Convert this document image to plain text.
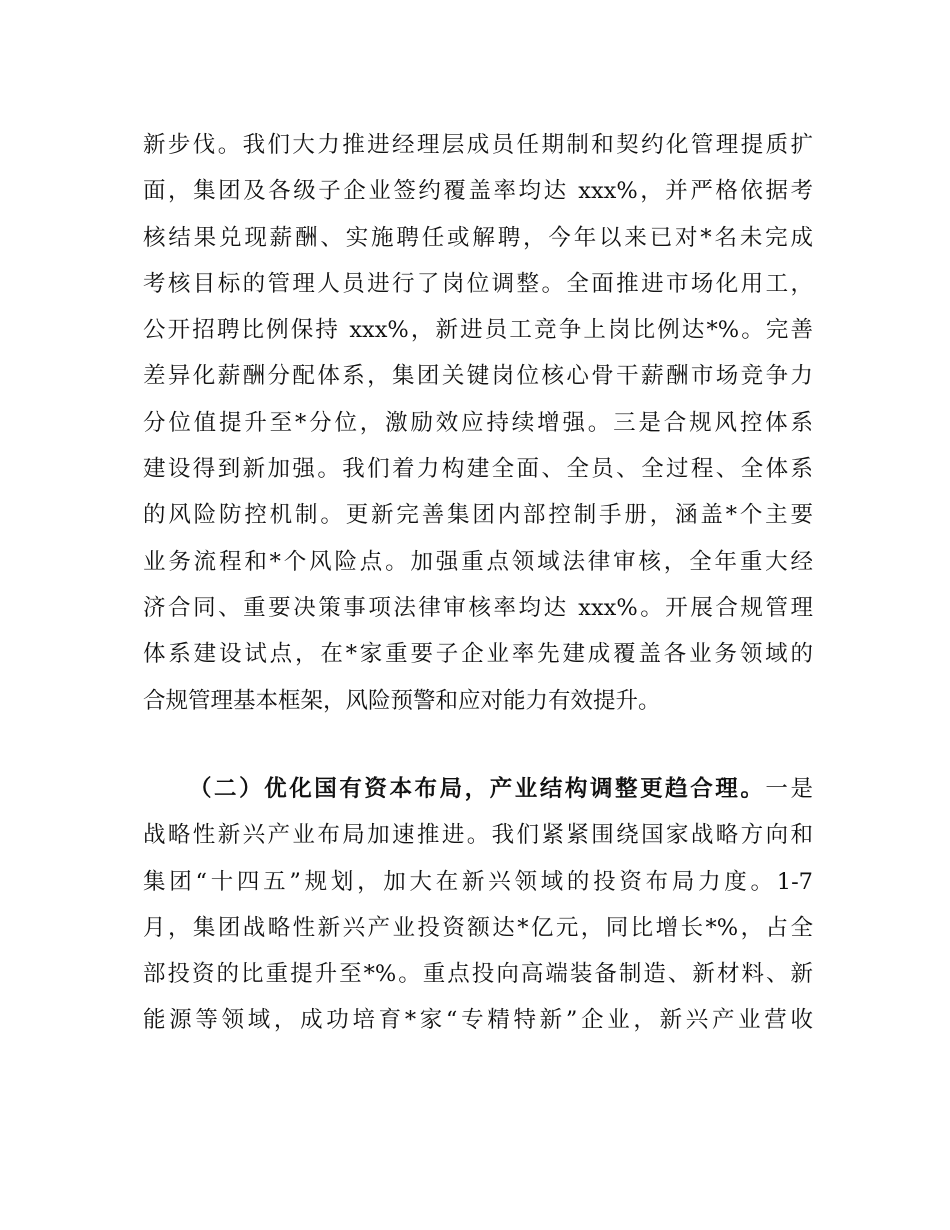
新步伐。我们大力推进经理层成员任期制和契约化管理提质扩
面，集团及各级子企业签约覆盖率均达 xxx%，并严格依据考
核结果兑现薪酬、实施聘任或解聘，今年以来已对*名未完成
考核目标的管理人员进行了岗位调整。全面推进市场化用工，
公开招聘比例保持 xxx%，新进员工竞争上岗比例达*%。完善
差异化薪酬分配体系，集团关键岗位核心骨干薪酬市场竞争力
分位值提升至*分位，激励效应持续增强。三是合规风控体系
建设得到新加强。我们着力构建全面、全员、全过程、全体系
的风险防控机制。更新完善集团内部控制手册，涵盖*个主要
业务流程和*个风险点。加强重点领域法律审核，全年重大经
济合同、重要决策事项法律审核率均达 xxx%。开展合规管理
体系建设试点，在*家重要子企业率先建成覆盖各业务领域的
合规管理基本框架，风险预警和应对能力有效提升。
（二）优化国有资本布局，产业结构调整更趋合理。一是
战略性新兴产业布局加速推进。我们紧紧围绕国家战略方向和
集团“十四五”规划，加大在新兴领域的投资布局力度。1-7
月，集团战略性新兴产业投资额达*亿元，同比增长*%，占全
部投资的比重提升至*%。重点投向高端装备制造、新材料、新
能源等领域，成功培育*家“专精特新”企业，新兴产业营收
